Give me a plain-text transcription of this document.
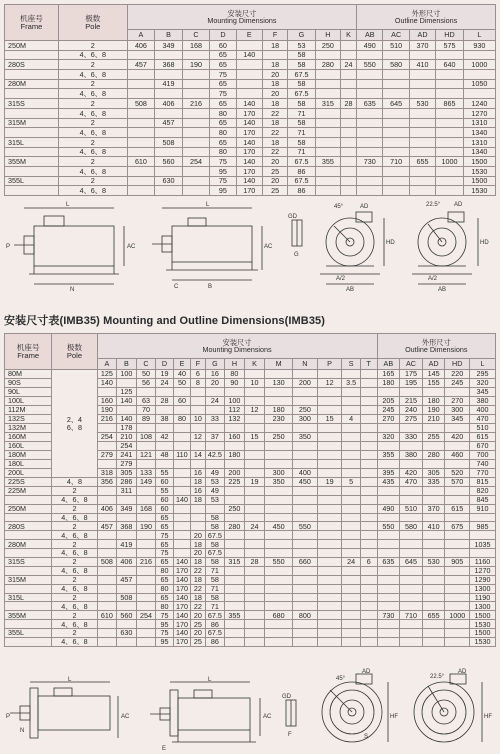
机座号
Frame	极数
Pole	安装尺寸
Mounting Dimensions									外形尺寸
Outline Dimensions				
		A	B	C	D	E	F	G	H	K	AB	AC	AD	HD	L
250M	2	406	349	168	60		18	53	250		490	510	370	575	930
	4、6、8				65	140		58							
280S	2	457	368	190	65		18	58	280	24	550	580	410	640	1000
	4、6、8				75		20	67.5							
280M	2		419		65		18	58							1050
	4、6、8				75		20	67.5							
315S	2	508	406	216	65	140	18	58	315	28	635	645	530	865	1240
	4、6、8				80	170	22	71							1270
315M	2		457		65	140	18	58							1310
	4、6、8				80	170	22	71							1340
315L	2		508		65	140	18	58							1310
	4、6、8				80	170	22	71							1340
355M	2	610	560	254	75	140	20	67.5	355		730	710	655	1000	1500
	4、6、8				95	170	25	86							1530
355L	2		630		75	140	20	67.5							1500
	4、6、8				95	170	25	86							1530
L
AC
P
N
L
AC
B
C
GD
G
45°	AD
HD
A/2
AB
22.5° AD
HD
A/2
AB
安装尺寸表(IMB35) Mounting and Outline Dimensions(IMB35)
机座号
Frame	极数
Pole	安装尺寸
Mounting Dimensions														外形尺寸
Outline Dimensions				
		A	B	C	D	E	F	G	H	K	M	N	P	S	T	AB	AC	AD	HD	L
80M	2、4
6、8	125	100	50	19	40	6	16	80							165	175	145	220	295
90S		140		56	24	50	8	20	90	10	130	200	12	3.5		180	195	155	245	320
90L			125																	345
100L		160	140	63	28	60		24	100							205	215	180	270	380
112M		190		70					112	12	180	250				245	240	190	300	400
132S		216	140	89	38	80	10	33	132		230	300	15	4		270	275	210	345	470
132M			178																	510
160M		254	210	108	42		12	37	160	15	250	350				320	330	255	420	615
160L			254																	670
180M		279	241	121	48	110	14	42.5	180							355	380	280	460	700
180L			279																	740
200L		318	305	133	55		16	49	200		300	400				395	420	305	520	770
225S	4、8	356	286	149	60		18	53	225	19	350	450	19	5		435	470	335	570	815
225M	2		311		55		16	49												820
	4、6、8				60	140	18	53												845
250M	2	406	349	168	60				250							490	510	370	615	910
	4、6、8				65			58												
280S	2	457	368	190	65			58	280	24	450	550				550	580	410	675	985
	4、6、8				75		20	67.5												
280M	2		419		65		18	58												1035
	4、6、8				75		20	67.5												
315S	2	508	406	216	65	140	18	58	315	28	550	660		24	6	635	645	530	905	1160
	4、6、8				80	170	22	71												1270
315M	2		457		65	140	18	58												1290
	4、6、8				80	170	22	71												1300
315L	2		508		65	140	18	58												1190
	4、6、8				80	170	22	71												1300
355M	2	610	560	254	75	140	20	67.5	355		680	800				730	710	655	1000	1500
	4、6、8				95	170	25	86												1530
355L	2		630		75	140	20	67.5												1500
	4、6、8				95	170	25	86												1530
L
AC
P
N
L
AC
E
GD
F
45°
AD
HF
S
22.5°
AD
HF
